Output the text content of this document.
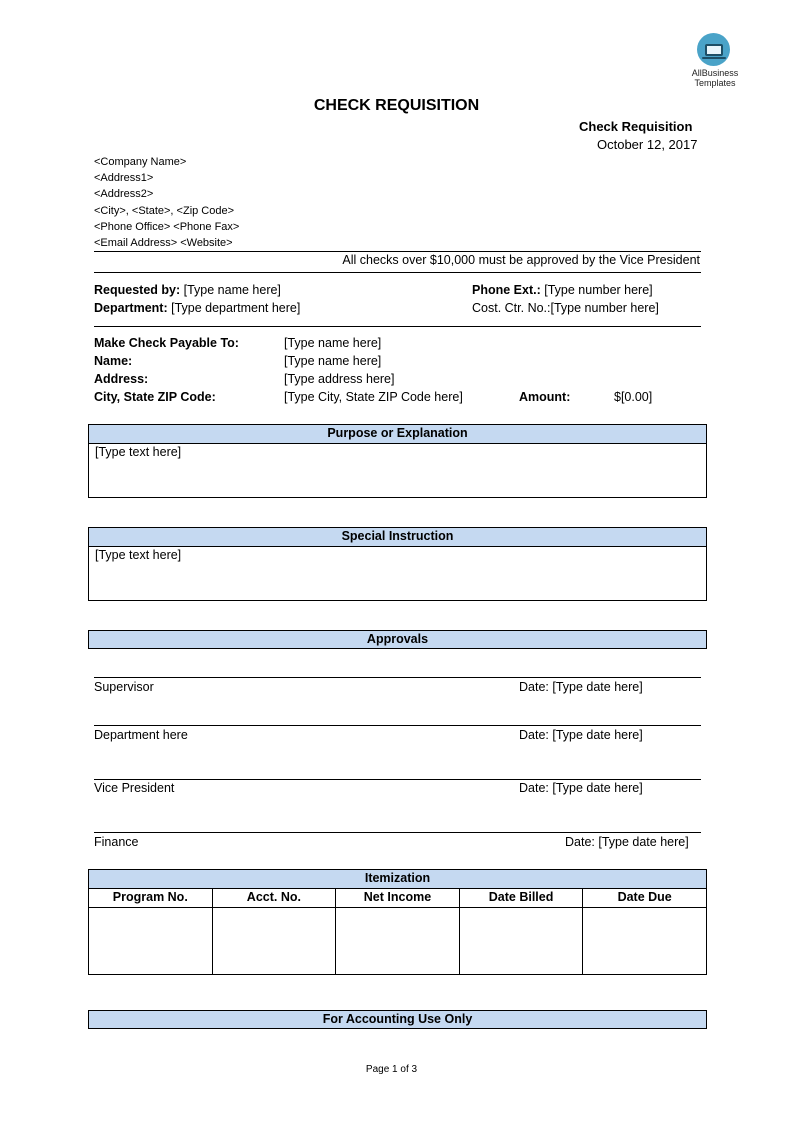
AllBusiness
Templates
CHECK REQUISITION
Check Requisition
October 12, 2017
<Company Name>
<Address1>
<Address2>
<City>, <State>, <Zip Code>
<Phone Office> <Phone Fax>
<Email Address> <Website>
All checks over $10,000 must be approved by the Vice President
Requested by: [Type name here]
Department: [Type department here]
Phone Ext.: [Type number here]
Cost. Ctr. No.:[Type number here]
Make Check Payable To:	[Type name here]
Name:	[Type name here]
Address:	[Type address here]
City, State ZIP Code:	[Type City, State ZIP Code here]	Amount:	$[0.00]
Purpose or Explanation
[Type text here]
Special Instruction
[Type text here]
Approvals
Supervisor	Date: [Type date here]
Department here	Date: [Type date here]
Vice President	Date: [Type date here]
Finance	Date: [Type date here]
Itemization
Program No.	Acct. No.	Net Income	Date Billed	Date Due
For Accounting Use Only
Page 1 of 3
